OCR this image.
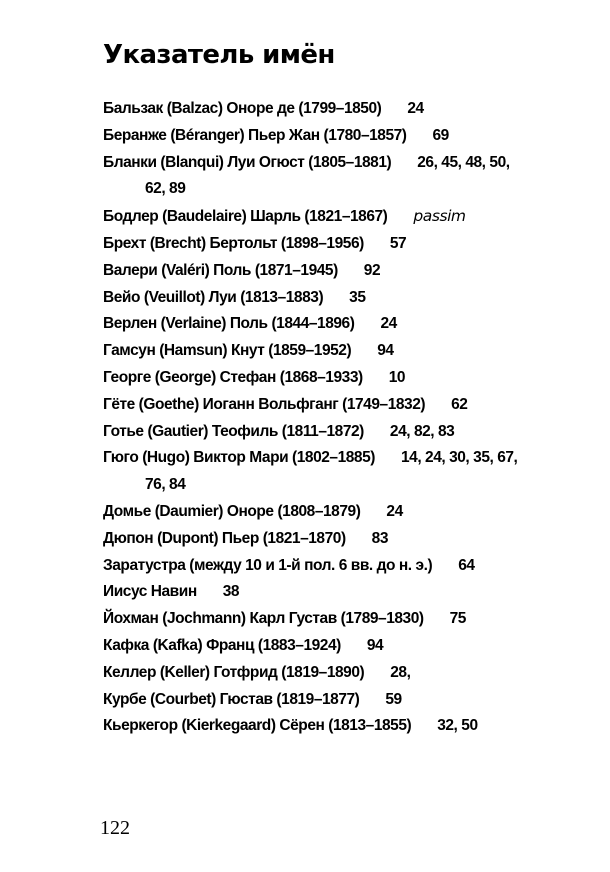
Указатель имён
Бальзак (Balzac) Оноре де (1799–1850) 24
Беранже (Béranger) Пьер Жан (1780–1857) 69
Бланки (Blanqui) Луи Огюст (1805–1881) 26, 45, 48, 50, 62, 89
Бодлер (Baudelaire) Шарль (1821–1867) passim
Брехт (Brecht) Бертольт (1898–1956) 57
Валери (Valéri) Поль (1871–1945) 92
Вейо (Veuillot) Луи (1813–1883) 35
Верлен (Verlaine) Поль (1844–1896) 24
Гамсун (Hamsun) Кнут (1859–1952) 94
Георге (George) Стефан (1868–1933) 10
Гёте (Goethe) Иоганн Вольфганг (1749–1832) 62
Готье (Gautier) Теофиль (1811–1872) 24, 82, 83
Гюго (Hugo) Виктор Мари (1802–1885) 14, 24, 30, 35, 67, 76, 84
Домье (Daumier) Оноре (1808–1879) 24
Дюпон (Dupont) Пьер (1821–1870) 83
Заратустра (между 10 и 1-й пол. 6 вв. до н. э.) 64
Иисус Навин 38
Йохман (Jochmann) Карл Густав (1789–1830) 75
Кафка (Kafka) Франц (1883–1924) 94
Келлер (Keller) Готфрид (1819–1890) 28,
Курбе (Courbet) Гюстав (1819–1877) 59
Кьеркегор (Kierkegaard) Сёрен (1813–1855) 32, 50

122
